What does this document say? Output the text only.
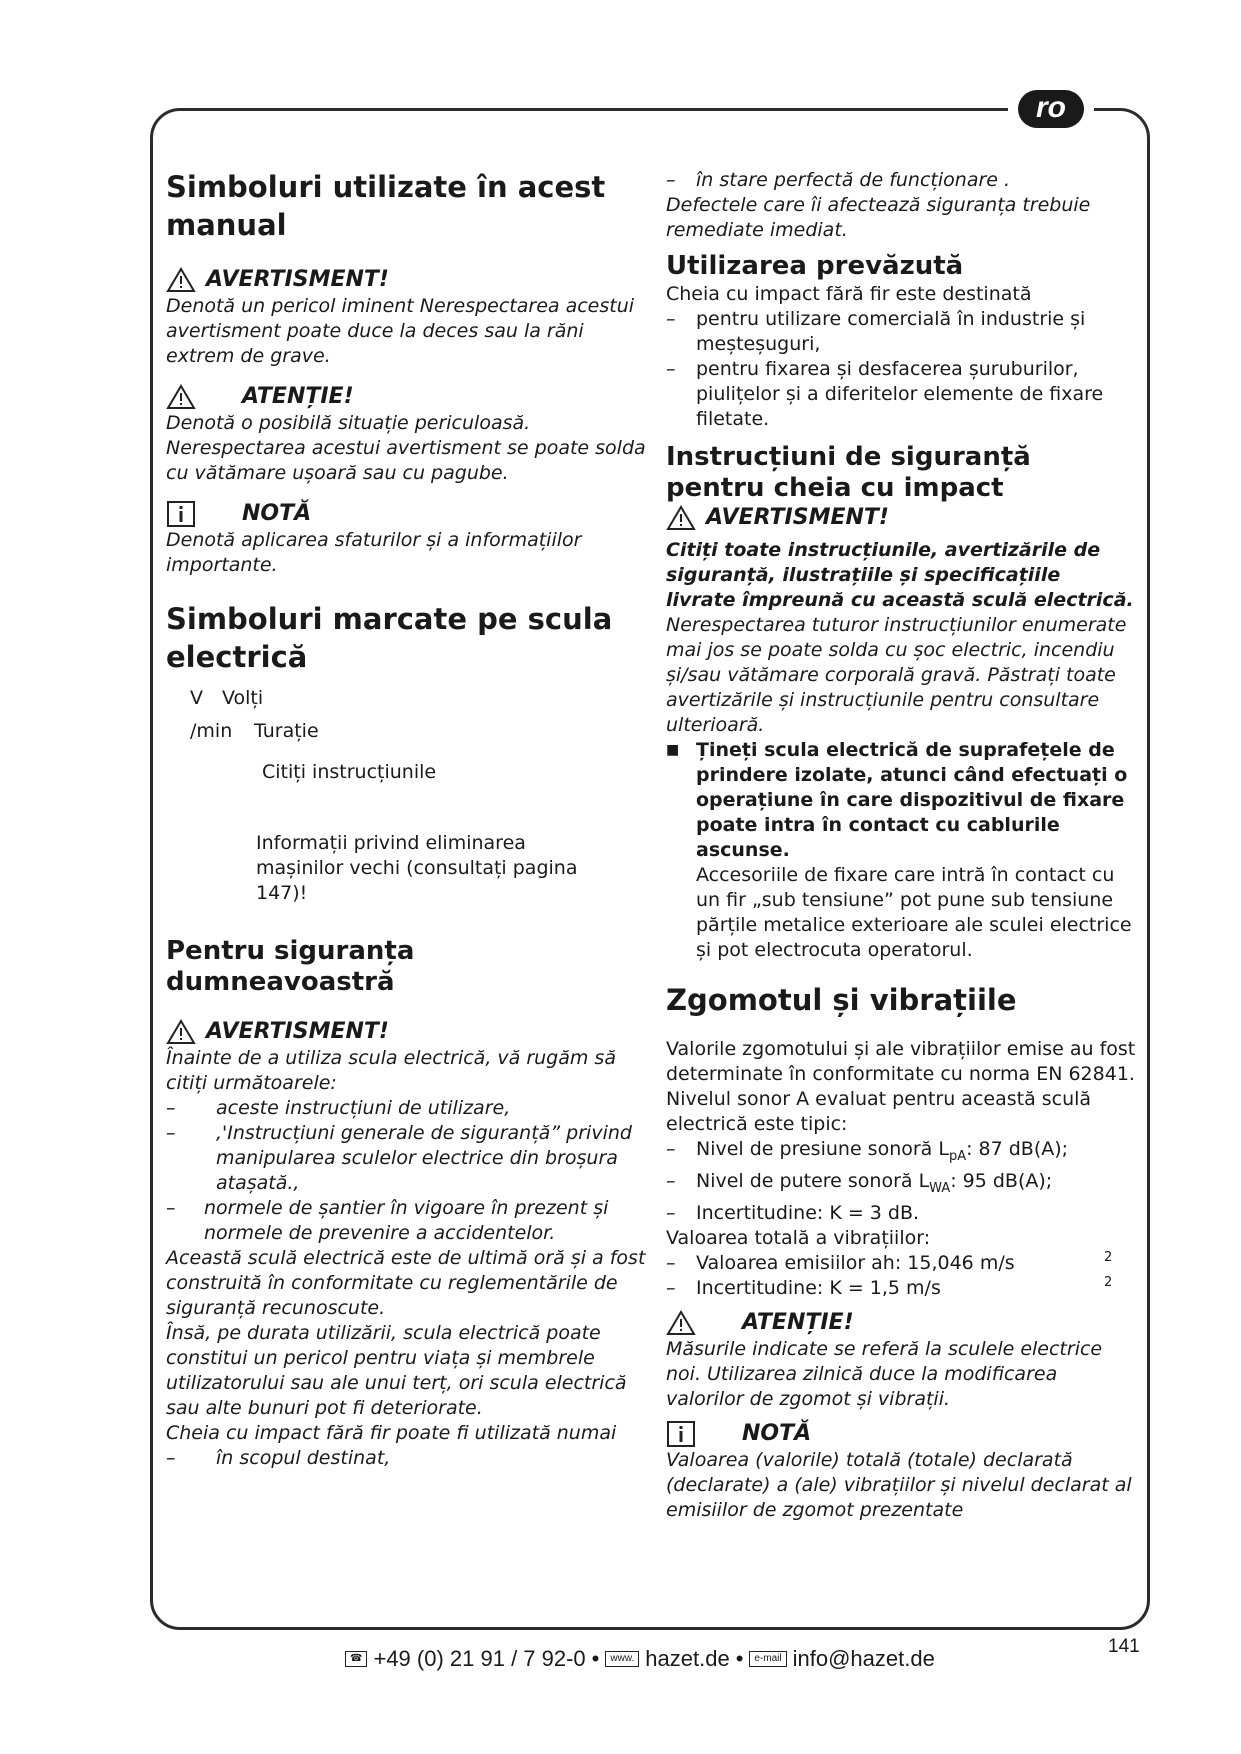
ro
Simboluri utilizate în acest manual
AVERTISMENT!

Denotă un pericol iminent Nerespectarea acestui avertisment poate duce la deces sau la răni extrem de grave.

ATENȚIE!

Denotă o posibilă situație periculoasă. Nerespectarea acestui avertisment se poate solda cu vătămare ușoară sau cu pagube.

NOTĂ

Denotă aplicarea sfaturilor și a informațiilor importante.

Simboluri marcate pe scula electrică
V	Volți
/min	Turație
Citiți instrucțiunile
Informații privind eliminarea mașinilor vechi (consultați pagina 147)!
Pentru siguranța dumneavoastră
AVERTISMENT!

Înainte de a utiliza scula electrică, vă rugăm să citiți următoarele:

–	aceste instrucțiuni de utilizare,
–	‚'Instrucțiuni generale de siguranță” privind manipularea sculelor electrice din broșura atașată.,
–	normele de șantier în vigoare în prezent și normele de prevenire a accidentelor.

Această sculă electrică este de ultimă oră și a fost construită în conformitate cu reglementările de siguranță recunoscute.

Însă, pe durata utilizării, scula electrică poate constitui un pericol pentru viața și membrele utilizatorului sau ale unui terț, ori scula electrică sau alte bunuri pot fi deteriorate.

Cheia cu impact fără fir poate fi utilizată numai

–	în scopul destinat,
–	în stare perfectă de funcționare .

Defectele care îi afectează siguranța trebuie remediate imediat.

Utilizarea prevăzută

Cheia cu impact fără fir este destinată

–	pentru utilizare comercială în industrie și meșteșuguri,
–	pentru fixarea și desfacerea șuruburilor, piulițelor și a diferitelor elemente de fixare filetate.
Instrucțiuni de siguranță pentru cheia cu impact
AVERTISMENT!

Citiți toate instrucțiunile, avertizările de siguranță, ilustrațiile și specificațiile livrate împreună cu această sculă electrică.

Nerespectarea tuturor instrucțiunilor enumerate mai jos se poate solda cu șoc electric, incendiu și/sau vătămare corporală gravă. Păstrați toate avertizările și instrucțiunile pentru consultare ulterioară.

■ Țineți scula electrică de suprafețele de prindere izolate, atunci când efectuați o operațiune în care dispozitivul de fixare poate intra în contact cu cablurile ascunse.

Accesoriile de fixare care intră în contact cu un fir „sub tensiune” pot pune sub tensiune părțile metalice exterioare ale sculei electrice și pot electrocuta operatorul.

Zgomotul și vibrațiile

Valorile zgomotului și ale vibrațiilor emise au fost determinate în conformitate cu norma EN 62841. Nivelul sonor A evaluat pentru această sculă electrică este tipic:

–	Nivel de presiune sonoră $L_{pA}$: 87 dB(A);
–	Nivel de putere sonoră $L_{WA}$: 95 dB(A);
–	Incertitudine: K = 3 dB.

Valoarea totală a vibrațiilor:

–	Valoarea emisiilor ah: 15,046 m/s	2
–	Incertitudine: K = 1,5 m/s	2
ATENȚIE!

Măsurile indicate se referă la sculele electrice noi. Utilizarea zilnică duce la modificarea valorilor de zgomot și vibrații.

NOTĂ

Valoarea (valorile) totală (totale) declarată (declarate) a (ale) vibrațiilor și nivelul declarat al emisiilor de zgomot prezentate

☎ +49 (0) 21 91 / 7 92-0 •	www. hazet.de •	e-mail info@hazet.de	141
